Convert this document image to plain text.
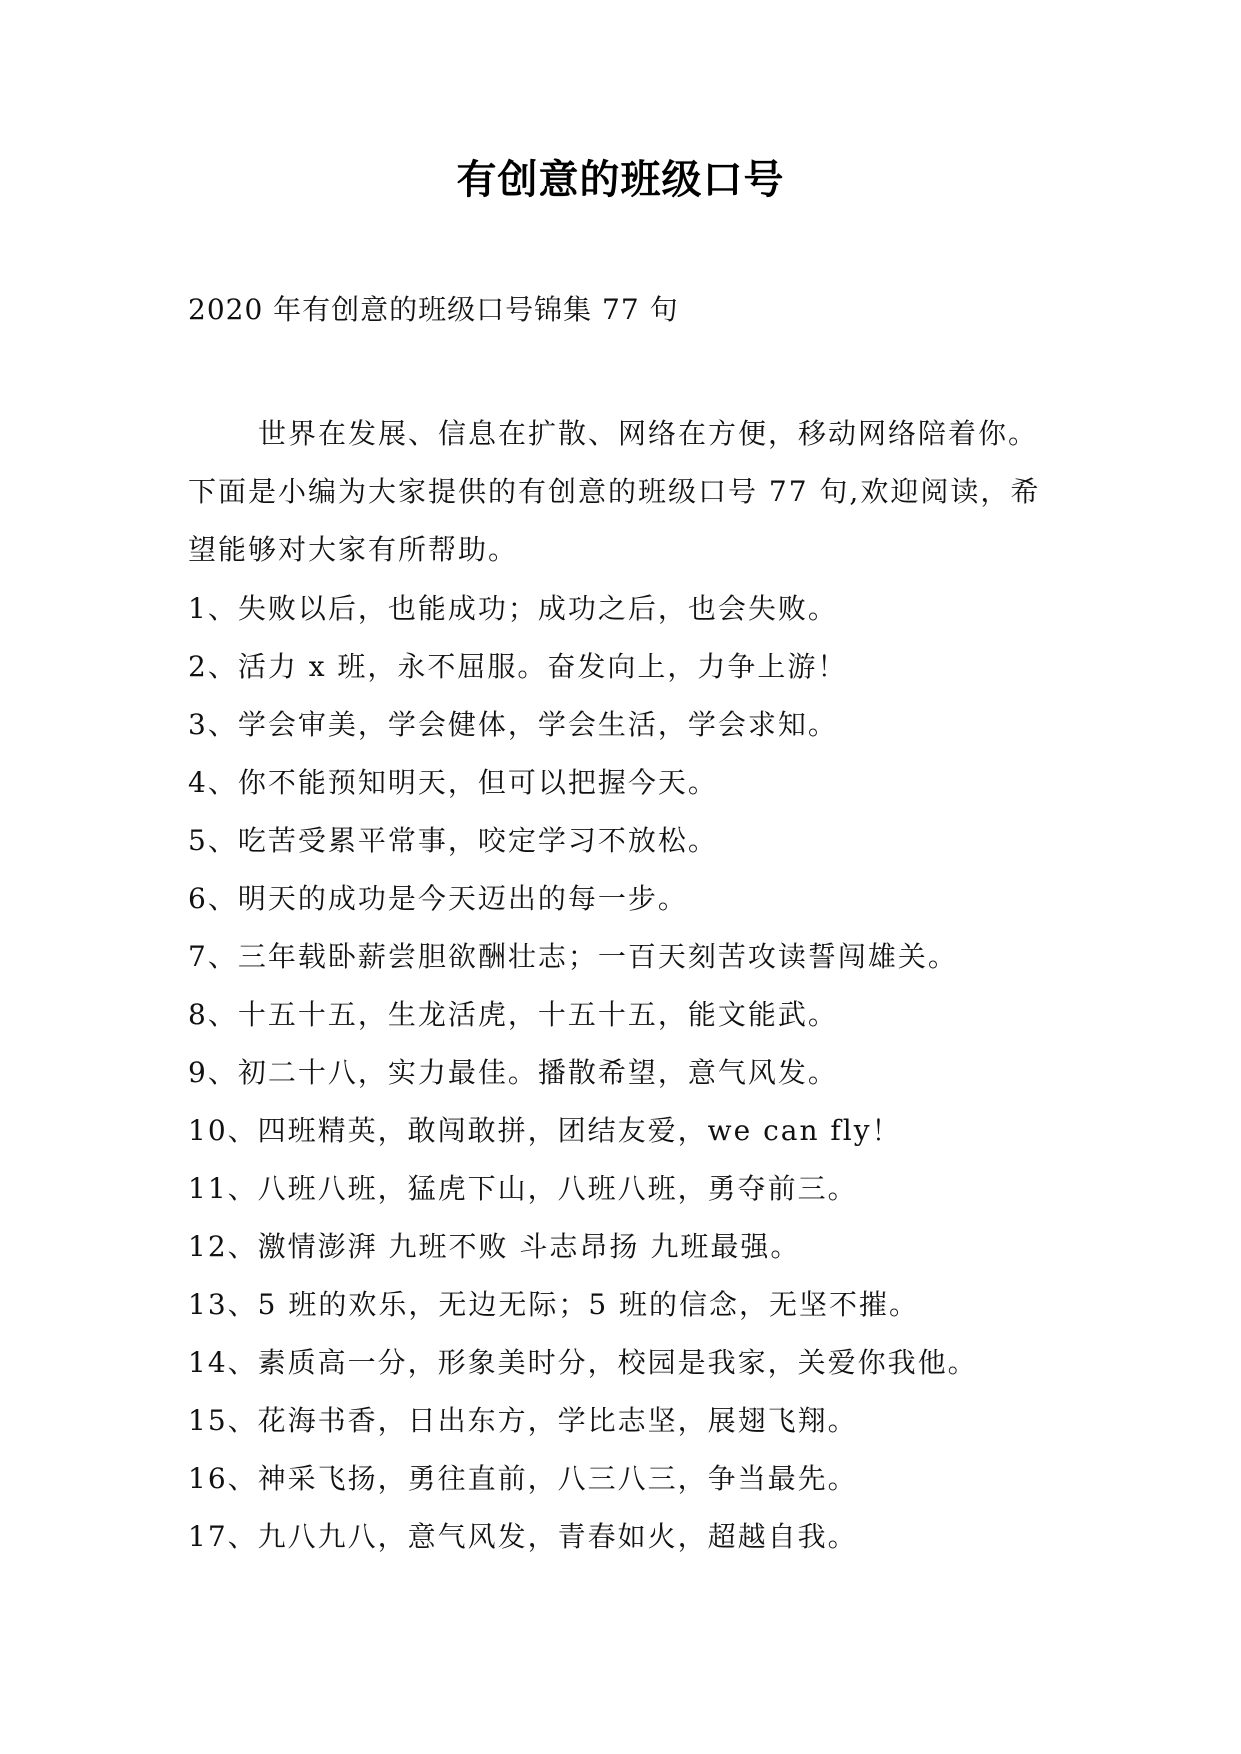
有创意的班级口号
2020 年有创意的班级口号锦集 77 句

世界在发展、信息在扩散、网络在方便，移动网络陪着你。下面是小编为大家提供的有创意的班级口号 77 句,欢迎阅读，希望能够对大家有所帮助。

1、失败以后，也能成功；成功之后，也会失败。
2、活力 x 班，永不屈服。奋发向上，力争上游！
3、学会审美，学会健体，学会生活，学会求知。
4、你不能预知明天，但可以把握今天。
5、吃苦受累平常事，咬定学习不放松。
6、明天的成功是今天迈出的每一步。
7、三年载卧薪尝胆欲酬壮志；一百天刻苦攻读誓闯雄关。
8、十五十五，生龙活虎，十五十五，能文能武。
9、初二十八，实力最佳。播散希望，意气风发。
10、四班精英，敢闯敢拼，团结友爱，we can fly！
11、八班八班，猛虎下山，八班八班，勇夺前三。
12、激情澎湃 九班不败 斗志昂扬 九班最强。
13、5 班的欢乐，无边无际；5 班的信念，无坚不摧。
14、素质高一分，形象美时分，校园是我家，关爱你我他。
15、花海书香，日出东方，学比志坚，展翅飞翔。
16、神采飞扬，勇往直前，八三八三，争当最先。
17、九八九八，意气风发，青春如火，超越自我。
